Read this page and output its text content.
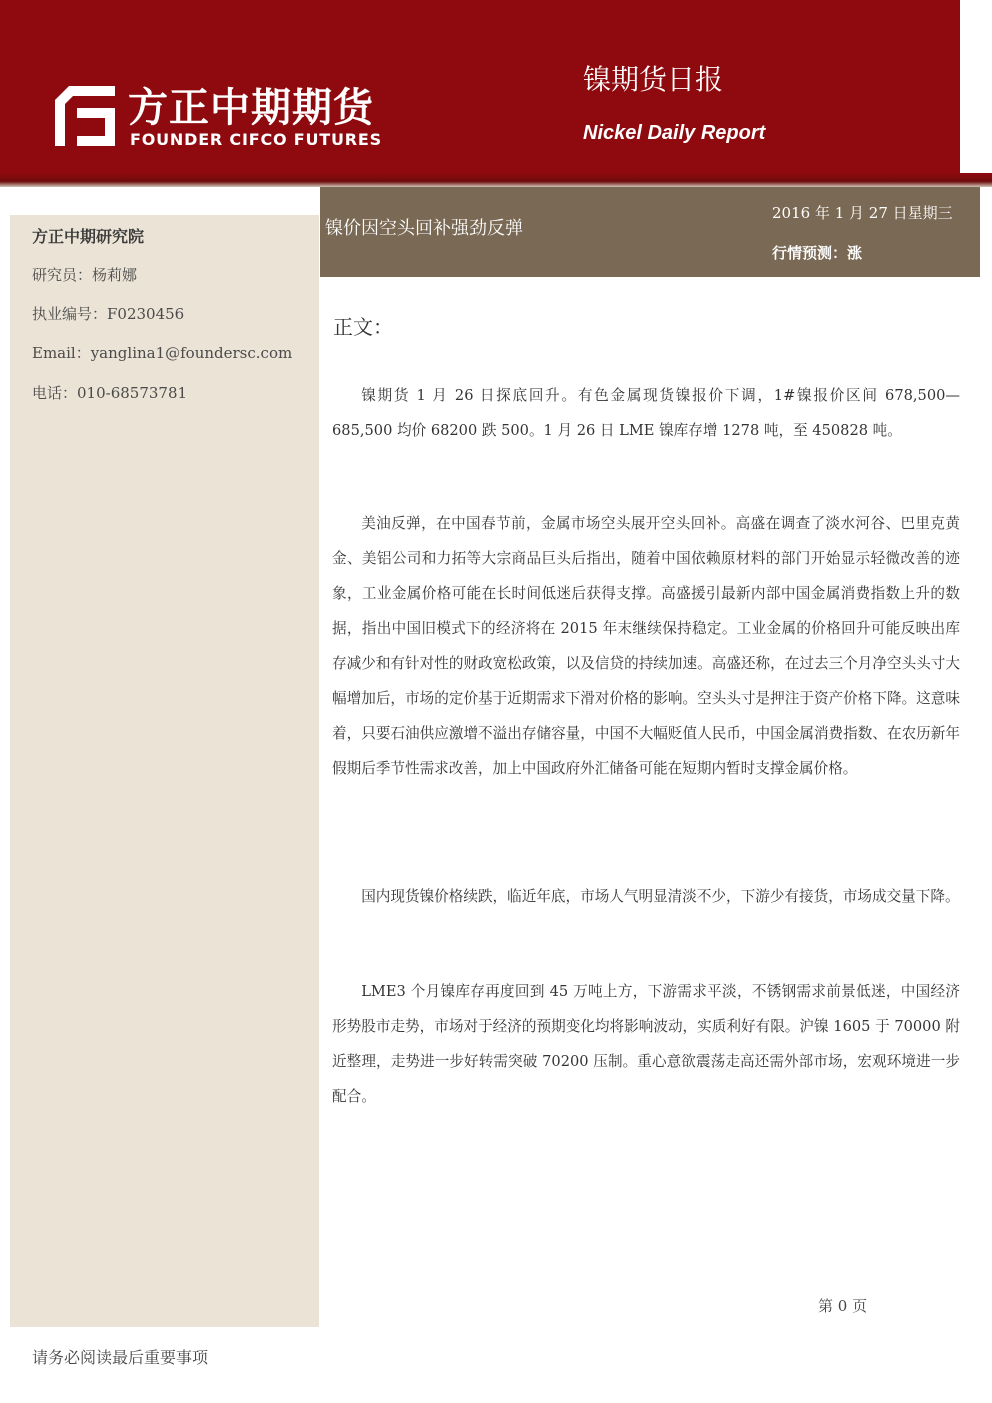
方正中期期货
FOUNDER CIFCO FUTURES
镍期货日报
Nickel Daily Report
方正中期研究院
研究员：杨莉娜
执业编号：F0230456
Email：yanglina1@foundersc.com
电话：010-68573781
镍价因空头回补强劲反弹
2016 年 1 月 27 日星期三
行情预测：涨
正文：

镍期货 1 月 26 日探底回升。有色金属现货镍报价下调，1#镍报价区间 678,500—685,500 均价 68200 跌 500。1 月 26 日 LME 镍库存增 1278 吨，至 450828 吨。

美油反弹，在中国春节前，金属市场空头展开空头回补。高盛在调查了淡水河谷、巴里克黄金、美铝公司和力拓等大宗商品巨头后指出，随着中国依赖原材料的部门开始显示轻微改善的迹象，工业金属价格可能在长时间低迷后获得支撑。高盛援引最新内部中国金属消费指数上升的数据，指出中国旧模式下的经济将在 2015 年末继续保持稳定。工业金属的价格回升可能反映出库存减少和有针对性的财政宽松政策，以及信贷的持续加速。高盛还称，在过去三个月净空头头寸大幅增加后，市场的定价基于近期需求下滑对价格的影响。空头头寸是押注于资产价格下降。这意味着，只要石油供应激增不溢出存储容量，中国不大幅贬值人民币，中国金属消费指数、在农历新年假期后季节性需求改善，加上中国政府外汇储备可能在短期内暂时支撑金属价格。

国内现货镍价格续跌，临近年底，市场人气明显清淡不少，下游少有接货，市场成交量下降。

LME3 个月镍库存再度回到 45 万吨上方，下游需求平淡，不锈钢需求前景低迷，中国经济形势股市走势，市场对于经济的预期变化均将影响波动，实质利好有限。沪镍 1605 于 70000 附近整理，走势进一步好转需突破 70200 压制。重心意欲震荡走高还需外部市场，宏观环境进一步配合。

第 0 页
请务必阅读最后重要事项
